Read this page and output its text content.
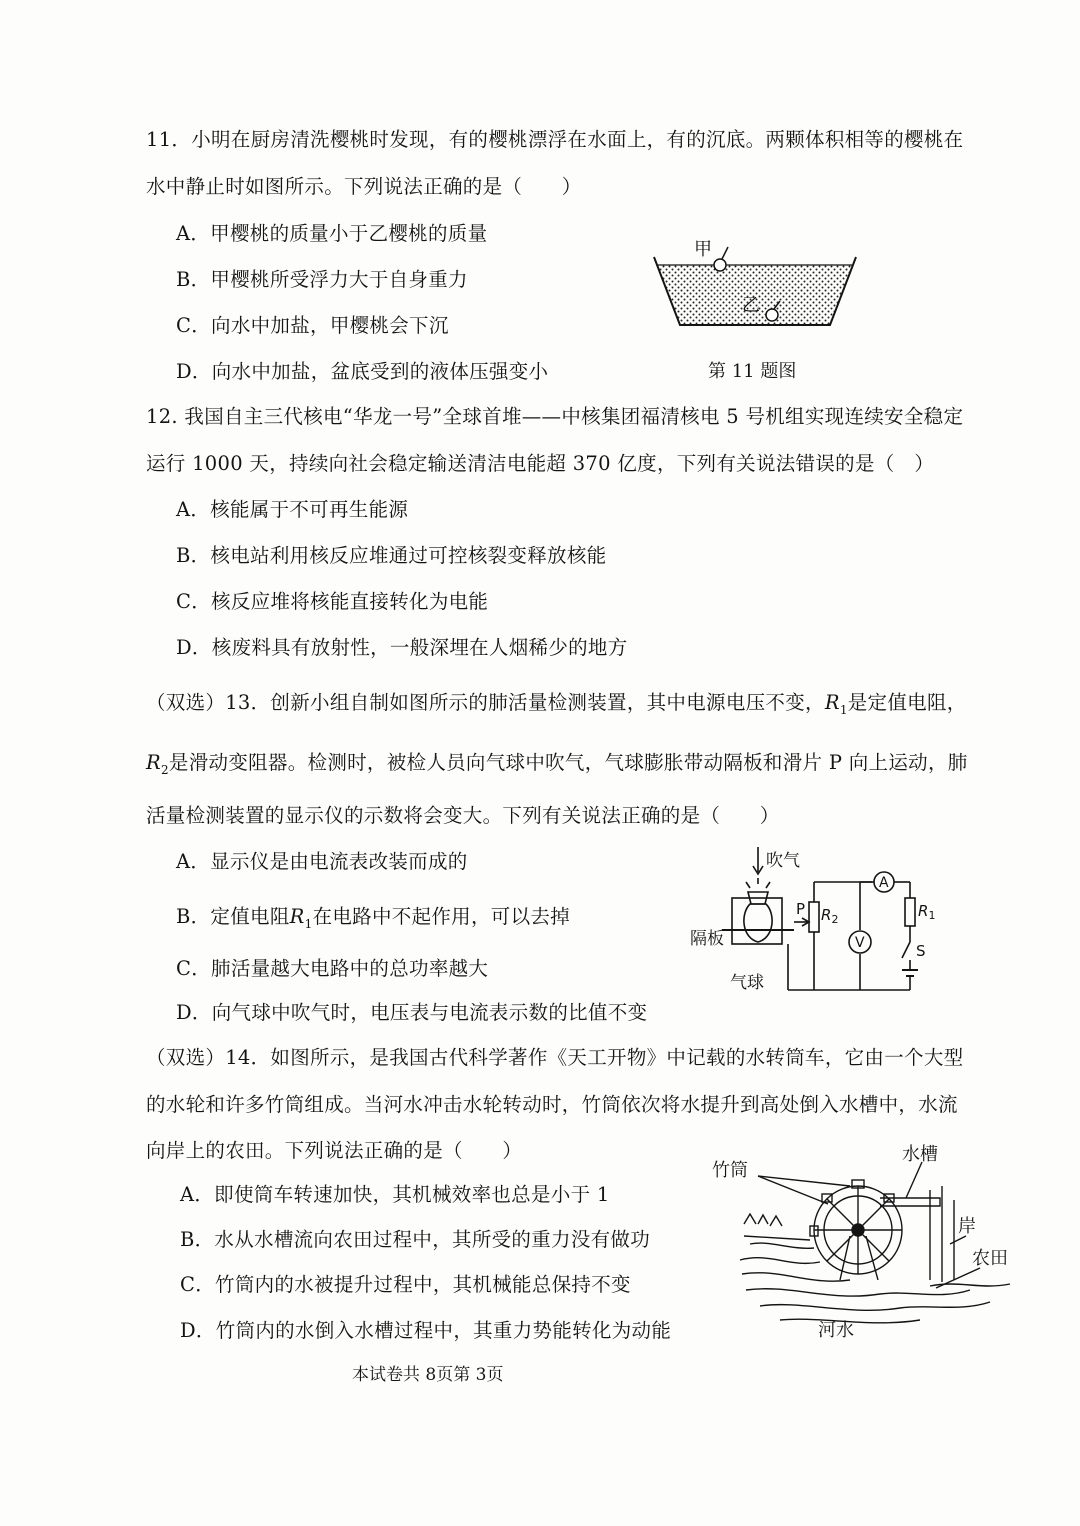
11．小明在厨房清洗樱桃时发现，有的樱桃漂浮在水面上，有的沉底。两颗体积相等的樱桃在
水中静止时如图所示。下列说法正确的是（　　）
A．甲樱桃的质量小于乙樱桃的质量
B．甲樱桃所受浮力大于自身重力
C．向水中加盐，甲樱桃会下沉
D．向水中加盐，盆底受到的液体压强变小
甲
乙
第 11 题图
12. 我国自主三代核电“华龙一号”全球首堆——中核集团福清核电 5 号机组实现连续安全稳定
运行 1000 天，持续向社会稳定输送清洁电能超 370 亿度，下列有关说法错误的是（　）
A．核能属于不可再生能源
B．核电站利用核反应堆通过可控核裂变释放核能
C．核反应堆将核能直接转化为电能
D．核废料具有放射性，一般深埋在人烟稀少的地方
（双选）13．创新小组自制如图所示的肺活量检测装置，其中电源电压不变，$R_1$是定值电阻，
$R_2$是滑动变阻器。检测时，被检人员向气球中吹气，气球膨胀带动隔板和滑片 P 向上运动，肺
活量检测装置的显示仪的示数将会变大。下列有关说法正确的是（　　）
A．显示仪是由电流表改装而成的
B．定值电阻$R_1$在电路中不起作用，可以去掉
C．肺活量越大电路中的总功率越大
D．向气球中吹气时，电压表与电流表示数的比值不变
吹气
隔板
气球
P $R_2$
A
V
$R_1$
S
（双选）14．如图所示，是我国古代科学著作《天工开物》中记载的水转筒车，它由一个大型
的水轮和许多竹筒组成。当河水冲击水轮转动时，竹筒依次将水提升到高处倒入水槽中，水流
向岸上的农田。下列说法正确的是（　　）
A．即使筒车转速加快，其机械效率也总是小于 1
B．水从水槽流向农田过程中，其所受的重力没有做功
C．竹筒内的水被提升过程中，其机械能总保持不变
D．竹筒内的水倒入水槽过程中，其重力势能转化为动能
竹筒
水槽
岸
农田
河水
本试卷共 8页第 3页
